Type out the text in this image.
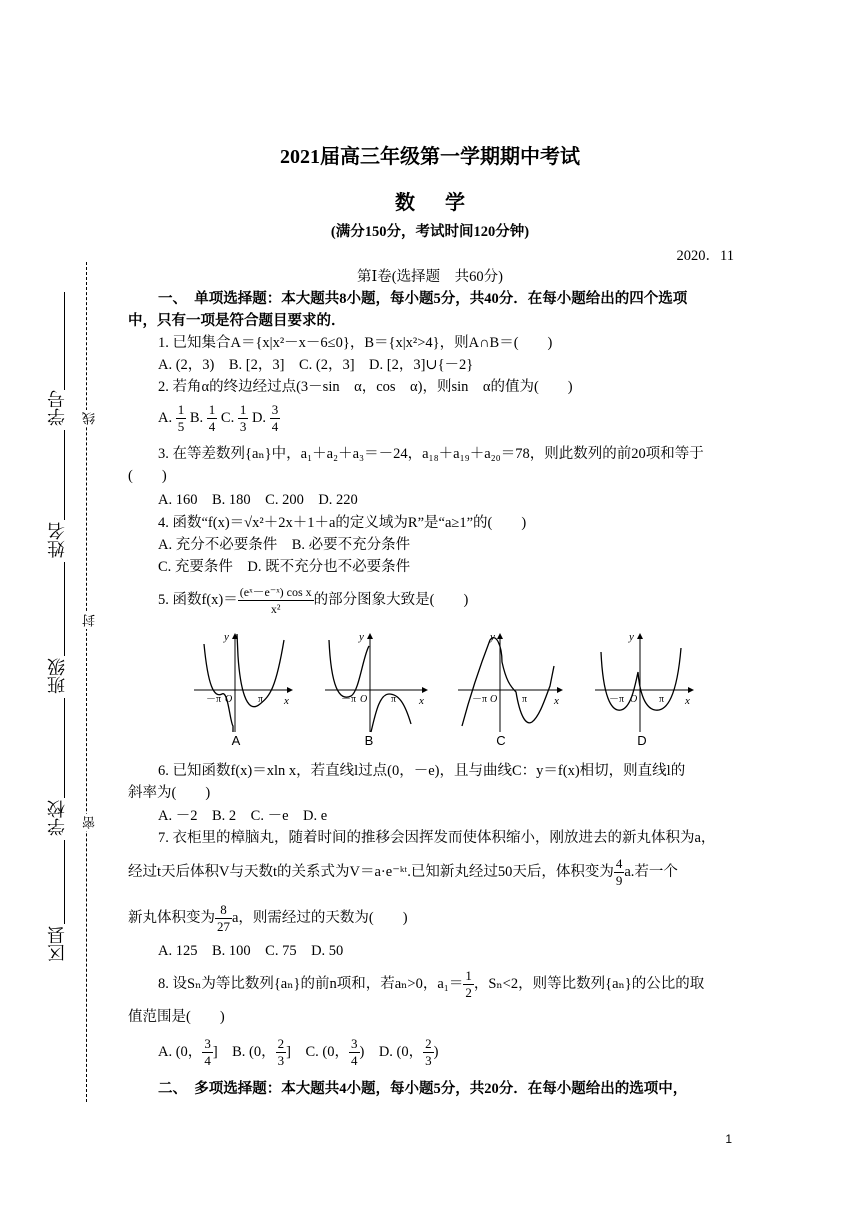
2021届高三年级第一学期期中考试
数学
(满分150分，考试时间120分钟)
2020．11
第Ⅰ卷(选择题　共60分)
学号
姓名
班级
学校
区县
线
封
密
一、　单项选择题：本大题共8小题，每小题5分，共40分．在每小题给出的四个选项
中，只有一项是符合题目要求的．
1. 已知集合A＝{x|x²－x－6≤0}，B＝{x|x²>4}，则A∩B＝(　　)
A. (2，3)　B. [2，3]　C. (2，3]　D. [2，3]∪{－2}
2. 若角α的终边经过点(3－sin　α，cos　α)，则sin　α的值为(　　)
A. $\frac{1}{5} B$. $\frac{1}{4} C$. $\frac{1}{3} D$. $\frac{3}{4}$
3. 在等差数列{aₙ}中，a₁＋a₂＋a₃＝－24，a₁₈＋a₁₉＋a₂₀＝78，则此数列的前20项和等于
(　　)
A. 160　B. 180　C. 200　D. 220
4. 函数“f(x)＝√x²＋2x＋1＋a的定义域为R”是“a≥1”的(　　)
A. 充分不必要条件　B. 必要不充分条件
C. 充要条件　D. 既不充分也不必要条件
5. 函数$f(x)= \frac{\text{(eˣ－e⁻ˣ) cos x}}{\text{x²}}$ 的部分图象大致是(　　)
y
x
－π	π
O
y
x
－π	π
O
y
x
－π	π
O
y
x
－π	π
O
A	B	C	D
6. 已知函数f(x)＝xln x，若直线l过点(0，－e)，且与曲线C：y＝f(x)相切，则直线l的
斜率为(　　)
A. －2　B. 2　C. －e　D. e
7. 衣柜里的樟脑丸，随着时间的推移会因挥发而使体积缩小，刚放进去的新丸体积为a，
经过t天后体积V与天数t的关系式为V＝a·e⁻ᵏᵗ.已知新丸经过50天后，体积变为 $\frac{4}{9} a$.若一个
新丸体积变为 $\frac{8}{27}$ a，则需经过的天数为(　　)
A. 125　B. 100　C. 75　D. 50
8. 设Sₙ为等比数列{aₙ}的前n项和，若aₙ>0，$a_1= \frac{1}{2}$ ，Sₙ<2，则等比数列{aₙ}的公比的取
值范围是(　　)
A. (0， $\frac{3}{4}$ ]　B. (0， $\frac{2}{3}$ ]　C. (0， $\frac{3}{4}$ )　D. (0， $\frac{2}{3}$ )
二、　多项选择题：本大题共4小题，每小题5分，共20分．在每小题给出的选项中，
1
